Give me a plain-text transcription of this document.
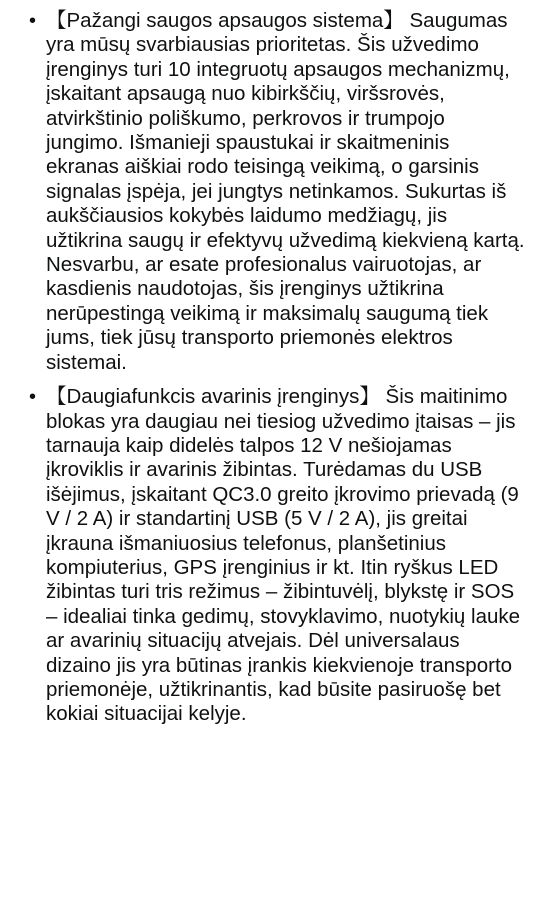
• 【Pažangi saugos apsaugos sistema】 Saugumas yra mūsų svarbiausias prioritetas. Šis užvedimo įrenginys turi 10 integruotų apsaugos mechanizmų, įskaitant apsaugą nuo kibirkščių, viršsrovės, atvirkštinio poliškumo, perkrovos ir trumpojo jungimo. Išmanieji spaustukai ir skaitmeninis ekranas aiškiai rodo teisingą veikimą, o garsinis signalas įspėja, jei jungtys netinkamos. Sukurtas iš aukščiausios kokybės laidumo medžiagų, jis užtikrina saugų ir efektyvų užvedimą kiekvieną kartą. Nesvarbu, ar esate profesionalus vairuotojas, ar kasdienis naudotojas, šis įrenginys užtikrina nerūpestingą veikimą ir maksimalų saugumą tiek jums, tiek jūsų transporto priemonės elektros sistemai.
• 【Daugiafunkcis avarinis įrenginys】 Šis maitinimo blokas yra daugiau nei tiesiog užvedimo įtaisas – jis tarnauja kaip didelės talpos 12 V nešiojamas įkroviklis ir avarinis žibintas. Turėdamas du USB išėjimus, įskaitant QC3.0 greito įkrovimo prievadą (9 V / 2 A) ir standartinį USB (5 V / 2 A), jis greitai įkrauna išmaniuosius telefonus, planšetinius kompiuterius, GPS įrenginius ir kt. Itin ryškus LED žibintas turi tris režimus – žibintuvėlį, blykstę ir SOS – idealiai tinka gedimų, stovyklavimo, nuotykių lauke ar avarinių situacijų atvejais. Dėl universalaus dizaino jis yra būtinas įrankis kiekvienoje transporto priemonėje, užtikrinantis, kad būsite pasiruošę bet kokiai situacijai kelyje.
